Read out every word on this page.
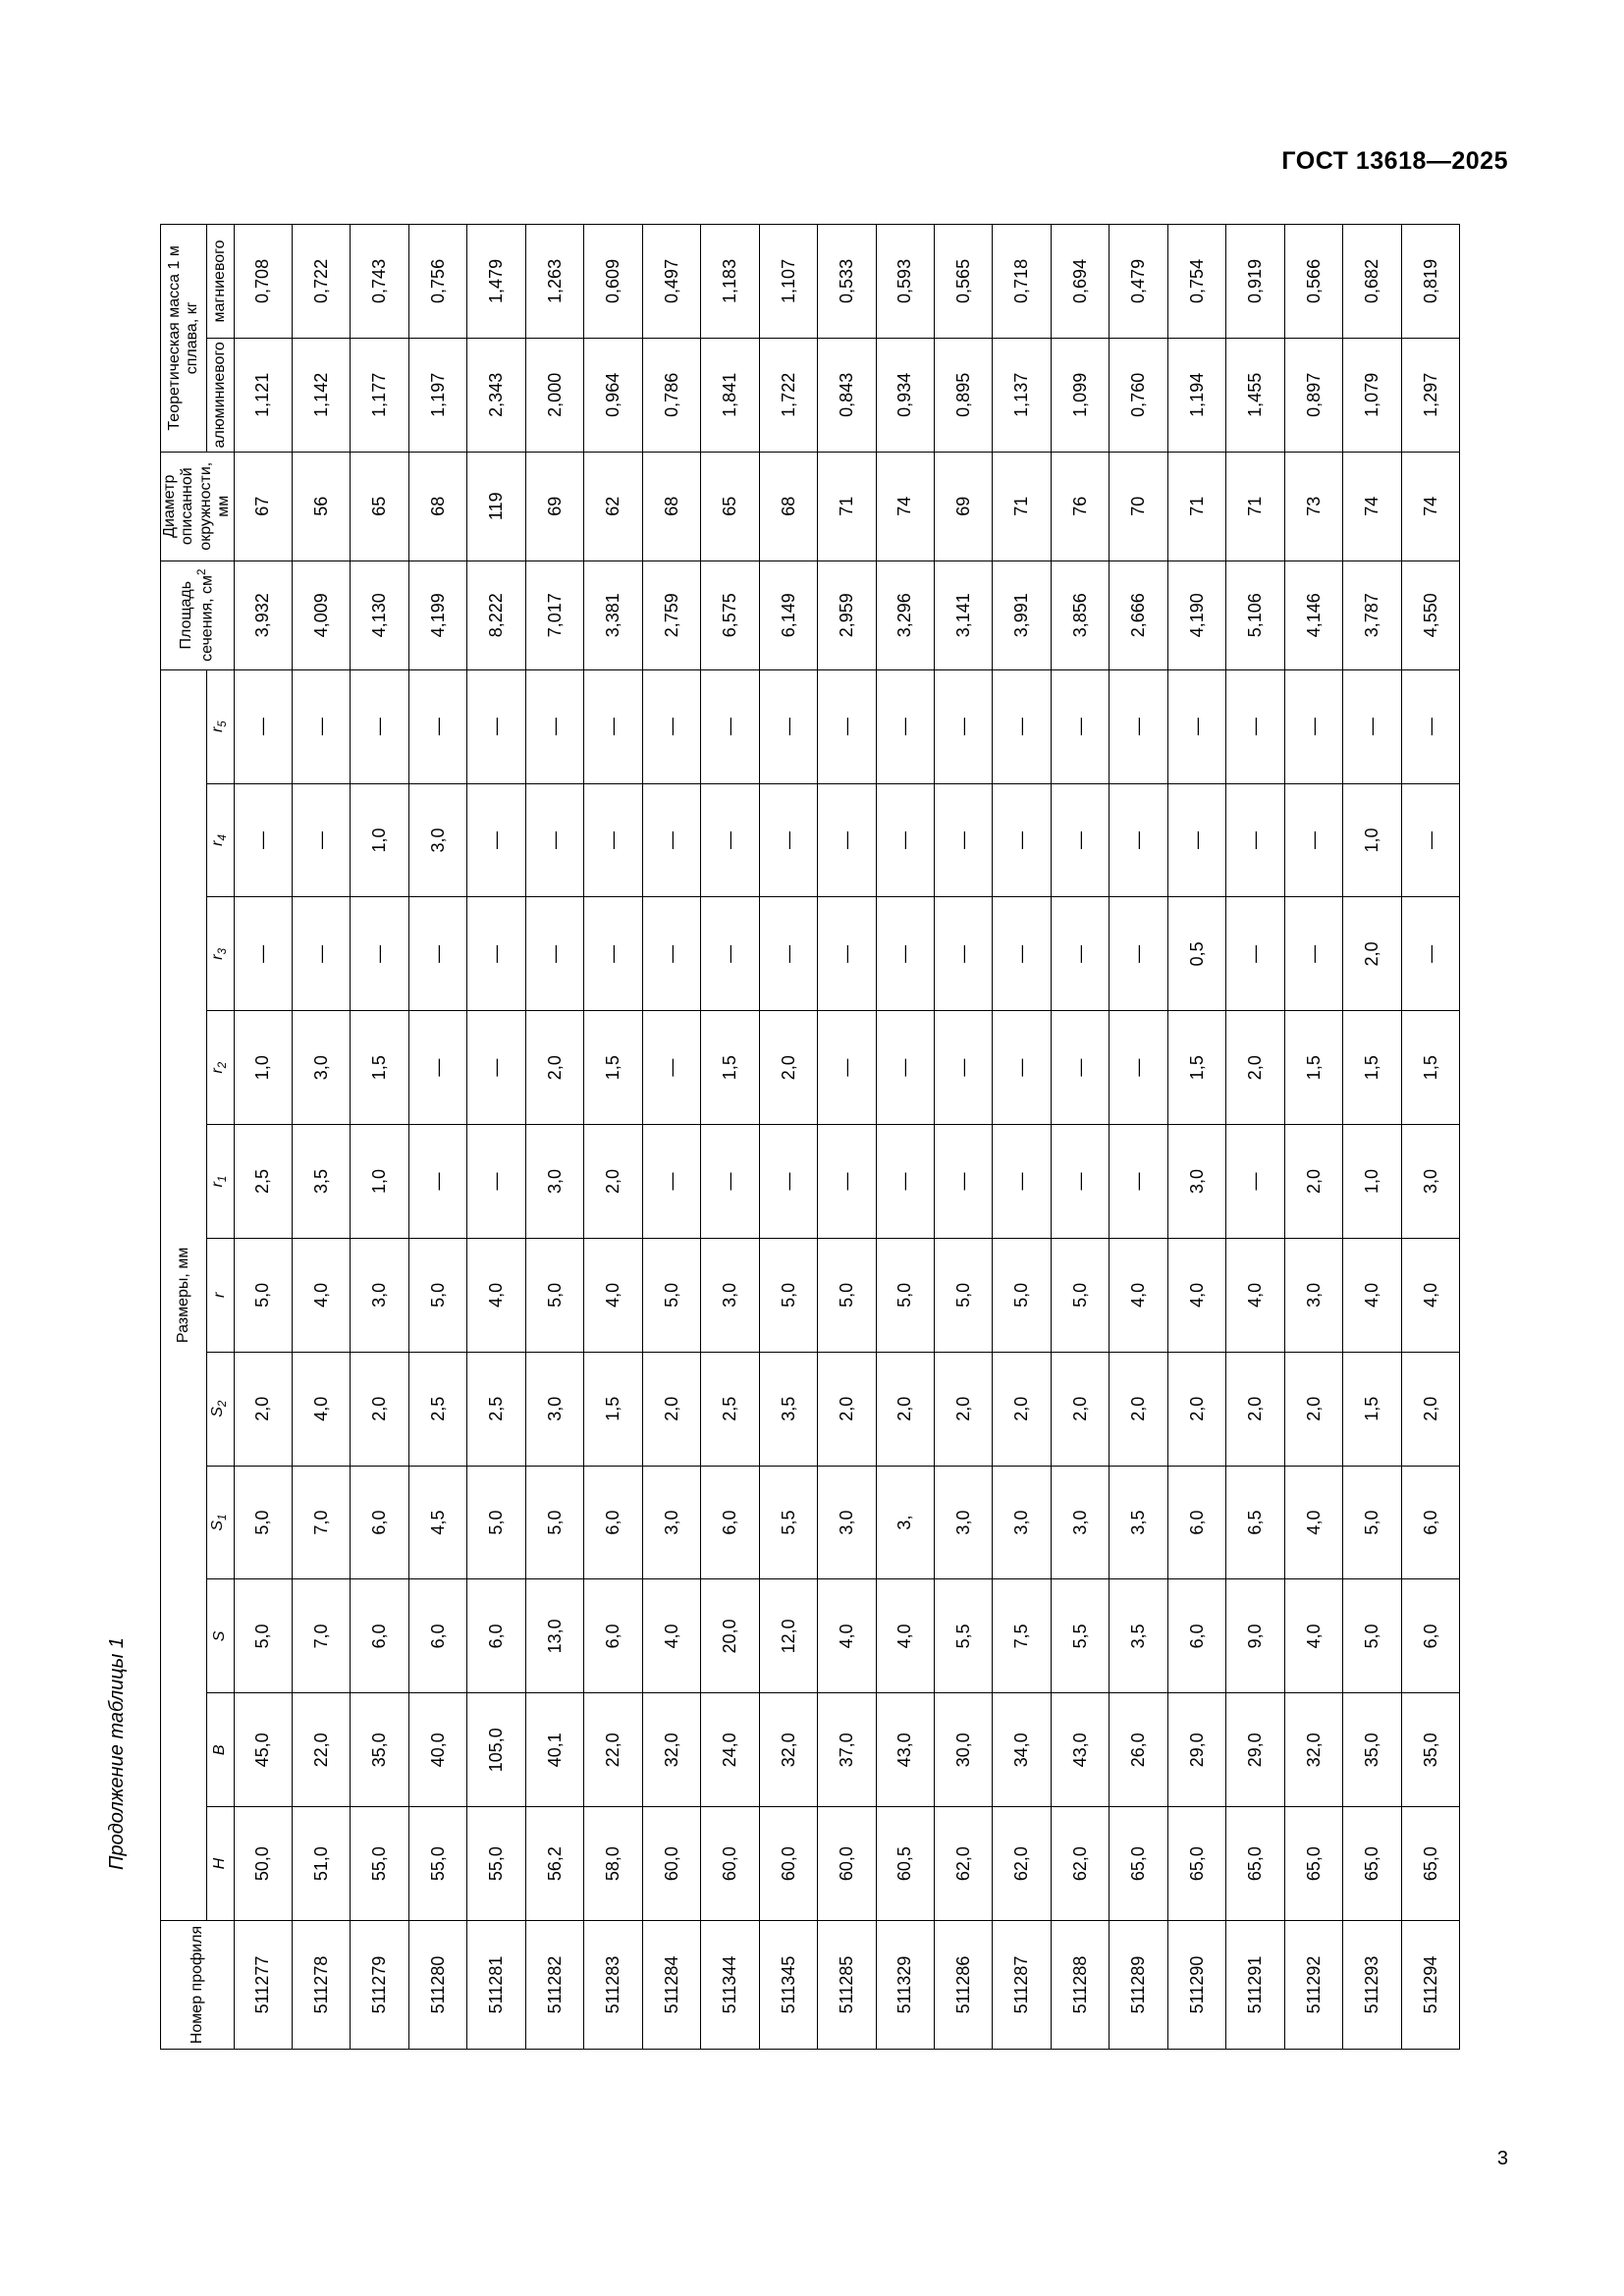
ГОСТ 13618—2025
Продолжение таблицы 1
Номер профиля	Размеры, мм											Площадь сечения, $см^2$	Диаметр описанной окружности, мм	Теоретическая масса 1 м сплава, кг	
	H	B	S	$S_1$	$S_2$	r	$r_1$	$r_2$	$r_3$	$r_4$	$r_5$			алюминиевого	магниевого
511277	50,0	45,0	5,0	5,0	2,0	5,0	2,5	1,0	—	—	—	3,932	67	1,121	0,708
511278	51,0	22,0	7,0	7,0	4,0	4,0	3,5	3,0	—	—	—	4,009	56	1,142	0,722
511279	55,0	35,0	6,0	6,0	2,0	3,0	1,0	1,5	—	1,0	—	4,130	65	1,177	0,743
511280	55,0	40,0	6,0	4,5	2,5	5,0	—	—	—	3,0	—	4,199	68	1,197	0,756
511281	55,0	105,0	6,0	5,0	2,5	4,0	—	—	—	—	—	8,222	119	2,343	1,479
511282	56,2	40,1	13,0	5,0	3,0	5,0	3,0	2,0	—	—	—	7,017	69	2,000	1,263
511283	58,0	22,0	6,0	6,0	1,5	4,0	2,0	1,5	—	—	—	3,381	62	0,964	0,609
511284	60,0	32,0	4,0	3,0	2,0	5,0	—	—	—	—	—	2,759	68	0,786	0,497
511344	60,0	24,0	20,0	6,0	2,5	3,0	—	1,5	—	—	—	6,575	65	1,841	1,183
511345	60,0	32,0	12,0	5,5	3,5	5,0	—	2,0	—	—	—	6,149	68	1,722	1,107
511285	60,0	37,0	4,0	3,0	2,0	5,0	—	—	—	—	—	2,959	71	0,843	0,533
511329	60,5	43,0	4,0	3,	2,0	5,0	—	—	—	—	—	3,296	74	0,934	0,593
511286	62,0	30,0	5,5	3,0	2,0	5,0	—	—	—	—	—	3,141	69	0,895	0,565
511287	62,0	34,0	7,5	3,0	2,0	5,0	—	—	—	—	—	3,991	71	1,137	0,718
511288	62,0	43,0	5,5	3,0	2,0	5,0	—	—	—	—	—	3,856	76	1,099	0,694
511289	65,0	26,0	3,5	3,5	2,0	4,0	—	—	—	—	—	2,666	70	0,760	0,479
511290	65,0	29,0	6,0	6,0	2,0	4,0	3,0	1,5	0,5	—	—	4,190	71	1,194	0,754
511291	65,0	29,0	9,0	6,5	2,0	4,0	—	2,0	—	—	—	5,106	71	1,455	0,919
511292	65,0	32,0	4,0	4,0	2,0	3,0	2,0	1,5	—	—	—	4,146	73	0,897	0,566
511293	65,0	35,0	5,0	5,0	1,5	4,0	1,0	1,5	2,0	1,0	—	3,787	74	1,079	0,682
511294	65,0	35,0	6,0	6,0	2,0	4,0	3,0	1,5	—	—	—	4,550	74	1,297	0,819
3
